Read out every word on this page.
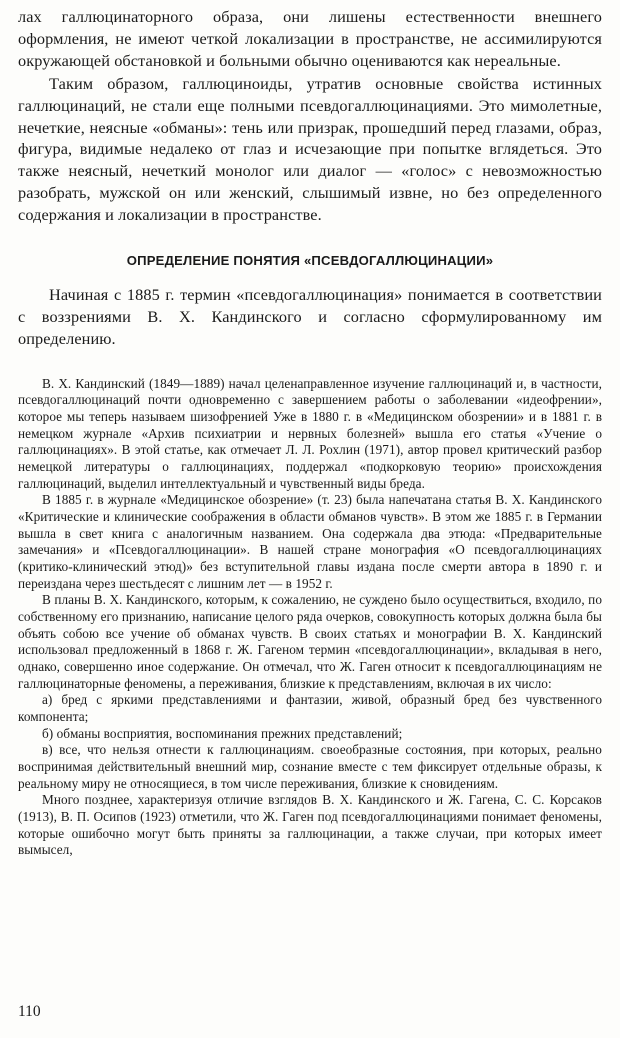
лах галлюцинаторного образа, они лишены естественности внешнего оформления, не имеют четкой локализации в пространстве, не ассимилируются окружающей обстановкой и больными обычно оцениваются как нереальные.

Таким образом, галлюциноиды, утратив основные свойства истинных галлюцинаций, не стали еще полными псевдогаллюцинациями. Это мимолетные, нечеткие, неясные «обманы»: тень или призрак, прошедший перед глазами, образ, фигура, видимые недалеко от глаз и исчезающие при попытке вглядеться. Это также неясный, нечеткий монолог или диалог — «голос» с невозможностью разобрать, мужской он или женский, слышимый извне, но без определенного содержания и локализации в пространстве.

ОПРЕДЕЛЕНИЕ ПОНЯТИЯ «ПСЕВДОГАЛЛЮЦИНАЦИИ»

Начиная с 1885 г. термин «псевдогаллюцинация» понимается в соответствии с воззрениями В. Х. Кандинского и согласно сформулированному им определению.

В. Х. Кандинский (1849—1889) начал целенаправленное изучение галлюцинаций и, в частности, псевдогаллюцинаций почти одновременно с завершением работы о заболевании «идеофрении», которое мы теперь называем шизофренией Уже в 1880 г. в «Медицинском обозрении» и в 1881 г. в немецком журнале «Архив психиатрии и нервных болезней» вышла его статья «Учение о галлюцинациях». В этой статье, как отмечает Л. Л. Рохлин (1971), автор провел критический разбор немецкой литературы о галлюцинациях, поддержал «подкорковую теорию» происхождения галлюцинаций, выделил интеллектуальный и чувственный виды бреда.

В 1885 г. в журнале «Медицинское обозрение» (т. 23) была напечатана статья В. Х. Кандинского «Критические и клинические соображения в области обманов чувств». В этом же 1885 г. в Германии вышла в свет книга с аналогичным названием. Она содержала два этюда: «Предварительные замечания» и «Псевдогаллюцинации». В нашей стране монография «О псевдогаллюцинациях (критико-клинический этюд)» без вступительной главы издана после смерти автора в 1890 г. и переиздана через шестьдесят с лишним лет — в 1952 г.

В планы В. Х. Кандинского, которым, к сожалению, не суждено было осуществиться, входило, по собственному его признанию, написание целого ряда очерков, совокупность которых должна была бы объять собою все учение об обманах чувств. В своих статьях и монографии В. Х. Кандинский использовал предложенный в 1868 г. Ж. Гагеном термин «псевдогаллюцинации», вкладывая в него, однако, совершенно иное содержание. Он отмечал, что Ж. Гаген относит к псевдогаллюцинациям не галлюцинаторные феномены, а переживания, близкие к представлениям, включая в их число:

а) бред с яркими представлениями и фантазии, живой, образный бред без чувственного компонента;

б) обманы восприятия, воспоминания прежних представлений;

в) все, что нельзя отнести к галлюцинациям. своеобразные состояния, при которых, реально воспринимая действительный внешний мир, сознание вместе с тем фиксирует отдельные образы, к реальному миру не относящиеся, в том числе переживания, близкие к сновидениям.

Много позднее, характеризуя отличие взглядов В. Х. Кандинского и Ж. Гагена, С. С. Корсаков (1913), В. П. Осипов (1923) отметили, что Ж. Гаген под псевдогаллюцинациями понимает феномены, которые ошибочно могут быть приняты за галлюцинации, а также случаи, при которых имеет вымысел,

110
